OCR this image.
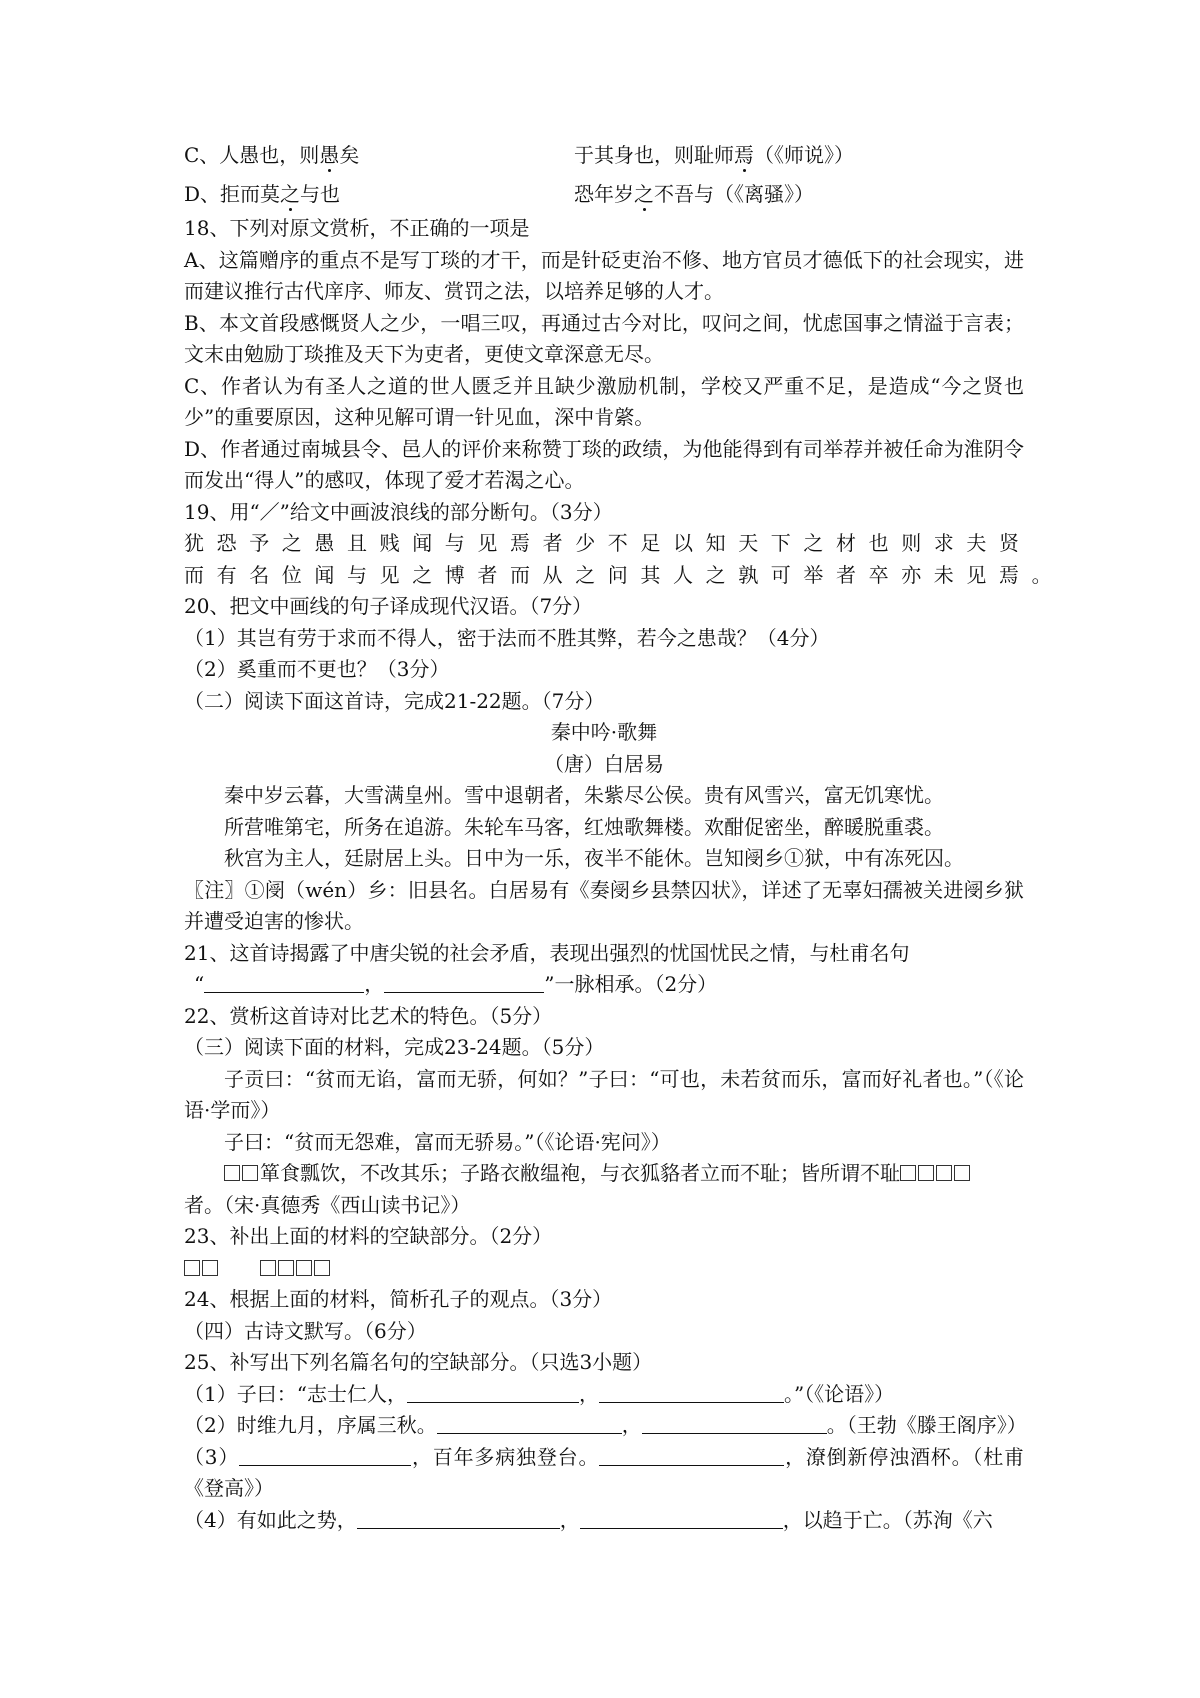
C、人愚也，则愚矣	于其身也，则耻师焉（《师说》）
D、拒而莫之与也	恐年岁之不吾与（《离骚》）
18、下列对原文赏析，不正确的一项是
A、这篇赠序的重点不是写丁琰的才干，而是针砭吏治不修、地方官员才德低下的社会现实，进而建议推行古代庠序、师友、赏罚之法，以培养足够的人才。
B、本文首段感慨贤人之少，一唱三叹，再通过古今对比，叹问之间，忧虑国事之情溢于言表；文末由勉励丁琰推及天下为吏者，更使文章深意无尽。
C、作者认为有圣人之道的世人匮乏并且缺少激励机制，学校又严重不足，是造成“今之贤也少”的重要原因，这种见解可谓一针见血，深中肯綮。
D、作者通过南城县令、邑人的评价来称赞丁琰的政绩，为他能得到有司举荐并被任命为淮阴令而发出“得人”的感叹，体现了爱才若渴之心。
19、用“／”给文中画波浪线的部分断句。（3分）
犹恐予之愚且贱闻与见焉者少不足以知天下之材也则求夫贤
而有名位闻与见之博者而从之问其人之孰可举者卒亦未见焉。
20、把文中画线的句子译成现代汉语。（7分）
（1）其岂有劳于求而不得人，密于法而不胜其弊，若今之患哉？（4分）
（2）奚重而不更也？（3分）
（二）阅读下面这首诗，完成21-22题。（7分）
秦中吟·歌舞
（唐）白居易
秦中岁云暮，大雪满皇州。雪中退朝者，朱紫尽公侯。贵有风雪兴，富无饥寒忧。
所营唯第宅，所务在追游。朱轮车马客，红烛歌舞楼。欢酣促密坐，醉暖脱重裘。
秋宫为主人，廷尉居上头。日中为一乐，夜半不能休。岂知阌乡①狱，中有冻死囚。
〖注〗①阌（wén）乡：旧县名。白居易有《奏阌乡县禁囚状》，详述了无辜妇孺被关进阌乡狱并遭受迫害的惨状。
21、这首诗揭露了中唐尖锐的社会矛盾，表现出强烈的忧国忧民之情，与杜甫名句
“	，	”一脉相承。（2分）
22、赏析这首诗对比艺术的特色。（5分）
（三）阅读下面的材料，完成23-24题。（5分）
子贡曰：“贫而无谄，富而无骄，何如？”子曰：“可也，未若贫而乐，富而好礼者也。”（《论语·学而》）
子曰：“贫而无怨难，富而无骄易。”（《论语·宪问》）
箪食瓢饮，不改其乐；子路衣敝缊袍，与衣狐貉者立而不耻；皆所谓不耻
者。（宋·真德秀《西山读书记》）
23、补出上面的材料的空缺部分。（2分）
24、根据上面的材料，简析孔子的观点。（3分）
（四）古诗文默写。（6分）
25、补写出下列名篇名句的空缺部分。（只选3小题）
（1）子曰：“志士仁人，	，	。”（《论语》）
（2）时维九月，序属三秋。	，	。（王勃《滕王阁序》）
（3）	，百年多病独登台。	，潦倒新停浊酒杯。（杜甫《登高》）
（4）有如此之势，	，	，以趋于亡。（苏洵《六
